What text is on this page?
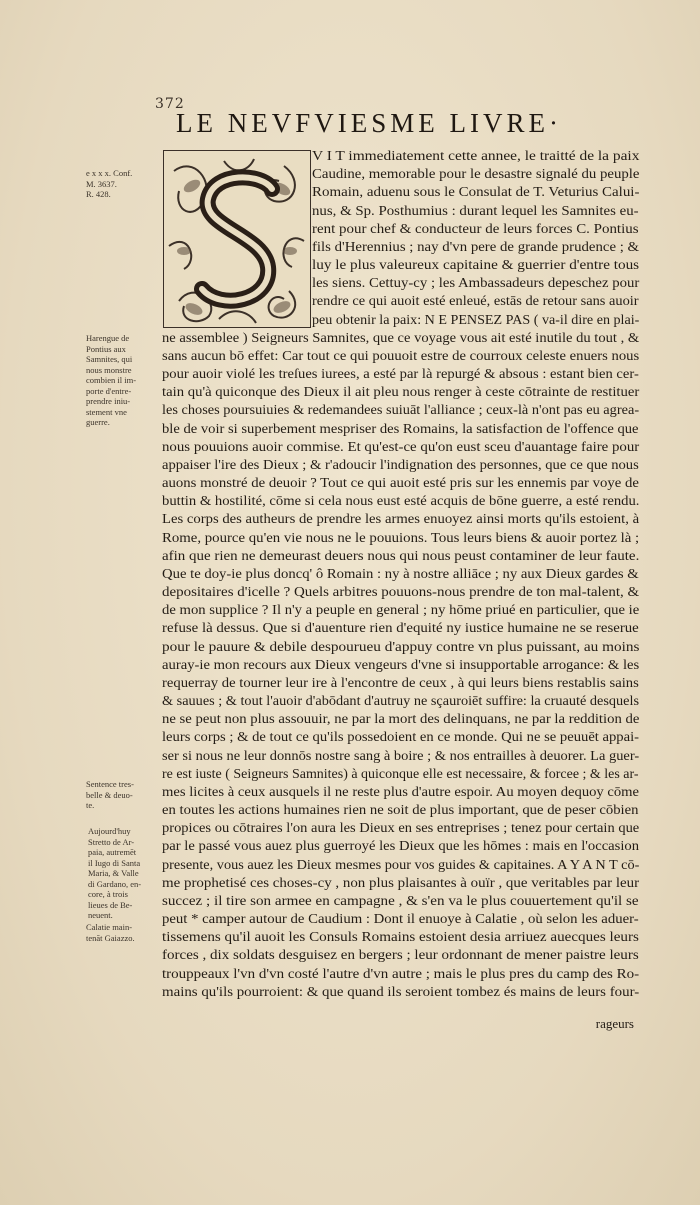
372
LE NEVFVIESME LIVRE·
e x x x. Conf.
M. 3637.
R. 428.
Harengue de
Pontius aux
Samnites, qui
nous monstre
combien il im-
porte d'entre-
prendre iniu-
stement vne
guerre.
Sentence tres-
belle & deuo-
te.
Aujourd'huy
Stretto de Ar-
paia, autremēt
il Iugo di Santa
Maria, & Valle
di Gardano, en-
core, à trois
lieues de Be-
neuent.
Calatie main-
tenāt Gaiazzo.
V I T immediatement cette annee, le traitté de la paix
Caudine, memorable pour le desastre signalé du peuple
Romain, aduenu sous le Consulat de T. Veturius Calui-
nus, & Sp. Posthumius : durant lequel les Samnites eu-
rent pour chef & conducteur de leurs forces C. Pontius
fils d'Herennius ; nay d'vn pere de grande prudence ; &
luy le plus valeureux capitaine & guerrier d'entre tous
les siens. Cettuy-cy ; les Ambassadeurs depeschez pour
rendre ce qui auoit esté enleué, estās de retour sans auoir
peu obtenir la paix: N E PENSEZ PAS ( va-il dire en plai-
ne assemblee ) Seigneurs Samnites, que ce voyage vous ait esté inutile du tout , &
sans aucun bō effet: Car tout ce qui pouuoit estre de courroux celeste enuers nous
pour auoir violé les treſues iurees, a esté par là repurgé & absous : estant bien cer-
tain qu'à quiconque des Dieux il ait pleu nous renger à ceste cōtrainte de restituer
les choses poursuiuies & redemandees suiuāt l'alliance ; ceux-là n'ont pas eu agrea-
ble de voir si superbement mespriser des Romains, la satisfaction de l'offence que
nous pouuions auoir commise. Et qu'est-ce qu'on eust sceu d'auantage faire pour
appaiser l'ire des Dieux ; & r'adoucir l'indignation des personnes, que ce que nous
auons monstré de deuoir ? Tout ce qui auoit esté pris sur les ennemis par voye de
buttin & hostilité, cōme si cela nous eust esté acquis de bōne guerre, a esté rendu.
Les corps des autheurs de prendre les armes enuoyez ainsi morts qu'ils estoient, à
Rome, pource qu'en vie nous ne le pouuions. Tous leurs biens & auoir portez là ;
afin que rien ne demeurast deuers nous qui nous peust contaminer de leur faute.
Que te doy-ie plus doncq' ô Romain : ny à nostre alliāce ; ny aux Dieux gardes &
depositaires d'icelle ? Quels arbitres pouuons-nous prendre de ton mal-talent, &
de mon supplice ? Il n'y a peuple en general ; ny hōme priué en particulier, que ie
refuse là dessus. Que si d'auenture rien d'equité ny iustice humaine ne se reserue
pour le pauure & debile despourueu d'appuy contre vn plus puissant, au moins
auray-ie mon recours aux Dieux vengeurs d'vne si insupportable arrogance: & les
requerray de tourner leur ire à l'encontre de ceux , à qui leurs biens restablis sains
& sauues ; & tout l'auoir d'abōdant d'autruy ne sçauroiēt suffire: la cruauté desquels
ne se peut non plus assouuir, ne par la mort des delinquans, ne par la reddition de
leurs corps ; & de tout ce qu'ils possedoient en ce monde. Qui ne se peuuēt appai-
ser si nous ne leur donnōs nostre sang à boire ; & nos entrailles à deuorer. La guer-
re est iuste ( Seigneurs Samnites) à quiconque elle est necessaire, & forcee ; & les ar-
mes licites à ceux ausquels il ne reste plus d'autre espoir. Au moyen dequoy cōme
en toutes les actions humaines rien ne soit de plus important, que de peser cōbien
propices ou cōtraires l'on aura les Dieux en ses entreprises ; tenez pour certain que
par le passé vous auez plus guerroyé les Dieux que les hōmes : mais en l'occasion
presente, vous auez les Dieux mesmes pour vos guides & capitaines. A Y A N T cō-
me prophetisé ces choses-cy , non plus plaisantes à ouïr , que veritables par leur
succez ; il tire son armee en campagne , & s'en va le plus couuertement qu'il se
peut * camper autour de Caudium : Dont il enuoye à Calatie , où selon les aduer-
tissemens qu'il auoit les Consuls Romains estoient desia arriuez auecques leurs
forces , dix soldats desguisez en bergers ; leur ordonnant de mener paistre leurs
trouppeaux l'vn d'vn costé l'autre d'vn autre ; mais le plus pres du camp des Ro-
mains qu'ils pourroient: & que quand ils seroient tombez és mains de leurs four-
rageurs
